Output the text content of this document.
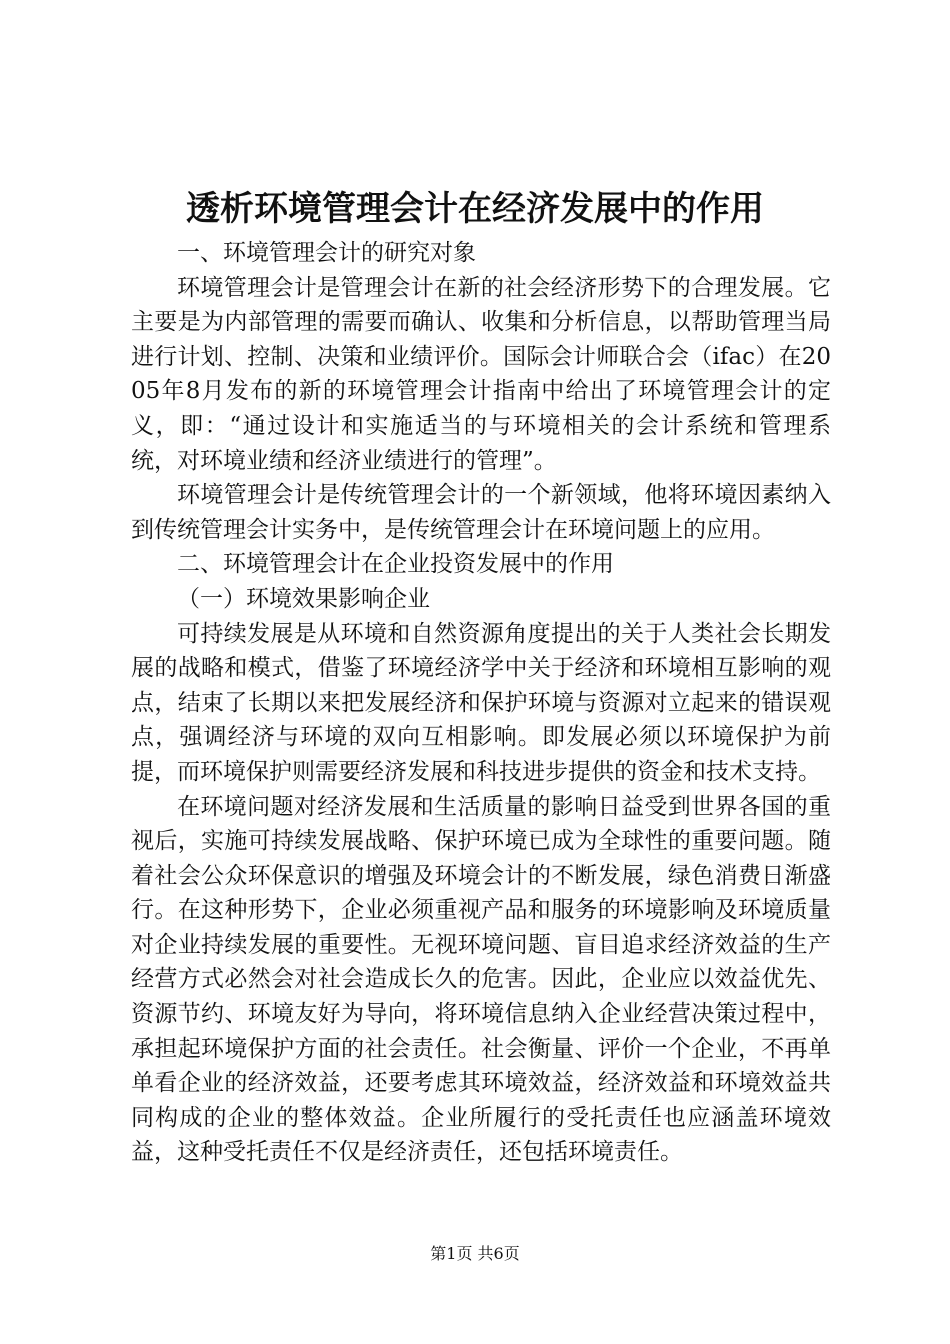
透析环境管理会计在经济发展中的作用

一、环境管理会计的研究对象

环境管理会计是管理会计在新的社会经济形势下的合理发展。它主要是为内部管理的需要而确认、收集和分析信息，以帮助管理当局进行计划、控制、决策和业绩评价。国际会计师联合会（ifac）在2005年8月发布的新的环境管理会计指南中给出了环境管理会计的定义，即：“通过设计和实施适当的与环境相关的会计系统和管理系统，对环境业绩和经济业绩进行的管理”。

环境管理会计是传统管理会计的一个新领域，他将环境因素纳入到传统管理会计实务中，是传统管理会计在环境问题上的应用。

二、环境管理会计在企业投资发展中的作用

（一）环境效果影响企业

可持续发展是从环境和自然资源角度提出的关于人类社会长期发展的战略和模式，借鉴了环境经济学中关于经济和环境相互影响的观点，结束了长期以来把发展经济和保护环境与资源对立起来的错误观点，强调经济与环境的双向互相影响。即发展必须以环境保护为前提，而环境保护则需要经济发展和科技进步提供的资金和技术支持。

在环境问题对经济发展和生活质量的影响日益受到世界各国的重视后，实施可持续发展战略、保护环境已成为全球性的重要问题。随着社会公众环保意识的增强及环境会计的不断发展，绿色消费日渐盛行。在这种形势下，企业必须重视产品和服务的环境影响及环境质量对企业持续发展的重要性。无视环境问题、盲目追求经济效益的生产经营方式必然会对社会造成长久的危害。因此，企业应以效益优先、资源节约、环境友好为导向，将环境信息纳入企业经营决策过程中，承担起环境保护方面的社会责任。社会衡量、评价一个企业，不再单单看企业的经济效益，还要考虑其环境效益，经济效益和环境效益共同构成的企业的整体效益。企业所履行的受托责任也应涵盖环境效益，这种受托责任不仅是经济责任，还包括环境责任。

第1页 共6页
